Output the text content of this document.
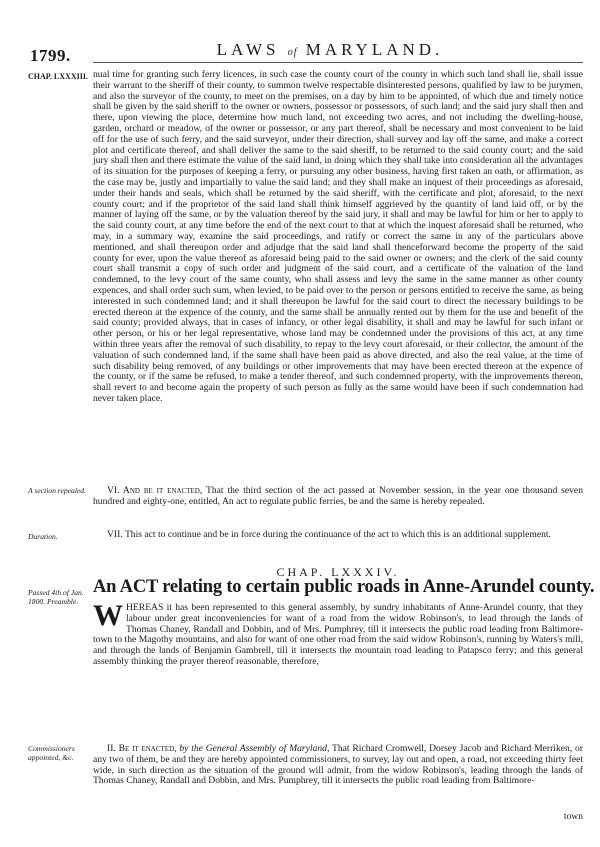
1799.	LAWS of MARYLAND.
CHAP. LXXXIII. nual time for granting such ferry licences, in such case the county court of the county in which such land shall lie, shall issue their warrant to the sheriff of their county, to summon twelve respectable disinterested persons, qualified by law to be jurymen, and also the surveyor of the county, to meet on the premises, on a day by him to be appointed, of which due and timely notice shall be given by the said sheriff to the owner or owners, possessor or possessors, of such land; and the said jury shall then and there, upon viewing the place, determine how much land, not exceeding two acres, and not including the dwelling-house, garden, orchard or meadow, of the owner or possessor, or any part thereof, shall be necessary and most convenient to be laid off for the use of such ferry, and the said surveyor, under their direction, shall survey and lay off the same, and make a correct plot and certificate thereof, and shall deliver the same to the said sheriff, to be returned to the said county court; and the said jury shall then and there estimate the value of the said land, in doing which they shall take into consideration all the advantages of its situation for the purposes of keeping a ferry, or pursuing any other business, having first taken an oath, or affirmation, as the case may be, justly and impartially to value the said land; and they shall make an inquest of their proceedings as aforesaid, under their hands and seals, which shall be returned by the said sheriff, with the certificate and plot, aforesaid, to the next county court; and if the proprietor of the said land shall think himself aggrieved by the quantity of land laid off, or by the manner of laying off the same, or by the valuation thereof by the said jury, it shall and may be lawful for him or her to apply to the said county court, at any time before the end of the next court to that at which the inquest aforesaid shall be returned, who may, in a summary way, examine the said proceedings, and ratify or correct the same in any of the particulars above mentioned, and shall thereupon order and adjudge that the said land shall thenceforward become the property of the said county for ever, upon the value thereof as aforesaid being paid to the said owner or owners; and the clerk of the said county court shall transmit a copy of such order and judgment of the said court, and a certificate of the valuation of the land condemned, to the levy court of the same county, who shall assess and levy the same in the same manner as other county expences, and shall order such sum, when levied, to be paid over to the person or persons entitled to receive the same, as being interested in such condemned land; and it shall thereupon be lawful for the said court to direct the necessary buildings to be erected thereon at the expence of the county, and the same shall be annually rented out by them for the use and benefit of the said county; provided always, that in cases of infancy, or other legal disability, it shall and may be lawful for such infant or other person, or his or her legal representative, whose land may be condemned under the provisions of this act, at any time within three years after the removal of such disability, to repay to the levy court aforesaid, or their collector, the amount of the valuation of such condemned land, if the same shall have been paid as above directed, and also the real value, at the time of such disability being removed, of any buildings or other improvements that may have been erected thereon at the expence of the county, or if the same be refused, to make a tender thereof, and such condemned property, with the improvements thereon, shall revert to and become again the property of such person as fully as the same would have been if such condemnation had never taken place.
A section repealed.	VI. And be it enacted, That the third section of the act passed at November session, in the year one thousand seven hundred and eighty-one, entitled, An act to regulate public ferries, be and the same is hereby repealed.
Duration.	VII. This act to continue and be in force during the continuance of the act to which this is an additional supplement.
CHAP. LXXXIV.
Passed 4th of Jan. 1800. Preamble.
An ACT relating to certain public roads in Anne-Arundel county.
W HEREAS it has been represented to this general assembly, by sundry inhabitants of Anne-Arundel county, that they labour under great inconveniencies for want of a road from the widow Robinson's, to lead through the lands of Thomas Chaney, Randall and Dobbin, and of Mrs. Pumphrey, till it intersects the public road leading from Baltimore-town to the Magothy mountains, and also for want of one other road from the said widow Robinson's, running by Waters's mill, and through the lands of Benjamin Gambrell, till it intersects the mountain road leading to Patapsco ferry; and this general assembly thinking the prayer thereof reasonable, therefore,
Commissioners appointed, &c.
II. Be it enacted, by the General Assembly of Maryland, That Richard Cromwell, Dorsey Jacob and Richard Merriken, or any two of them, be and they are hereby appointed commissioners, to survey, lay out and open, a road, not exceeding thirty feet wide, in such direction as the situation of the ground will admit, from the widow Robinson's, leading through the lands of Thomas Chaney, Randall and Dobbin, and Mrs. Pumphrey, till it intersects the public road leading from Baltimore-
town
